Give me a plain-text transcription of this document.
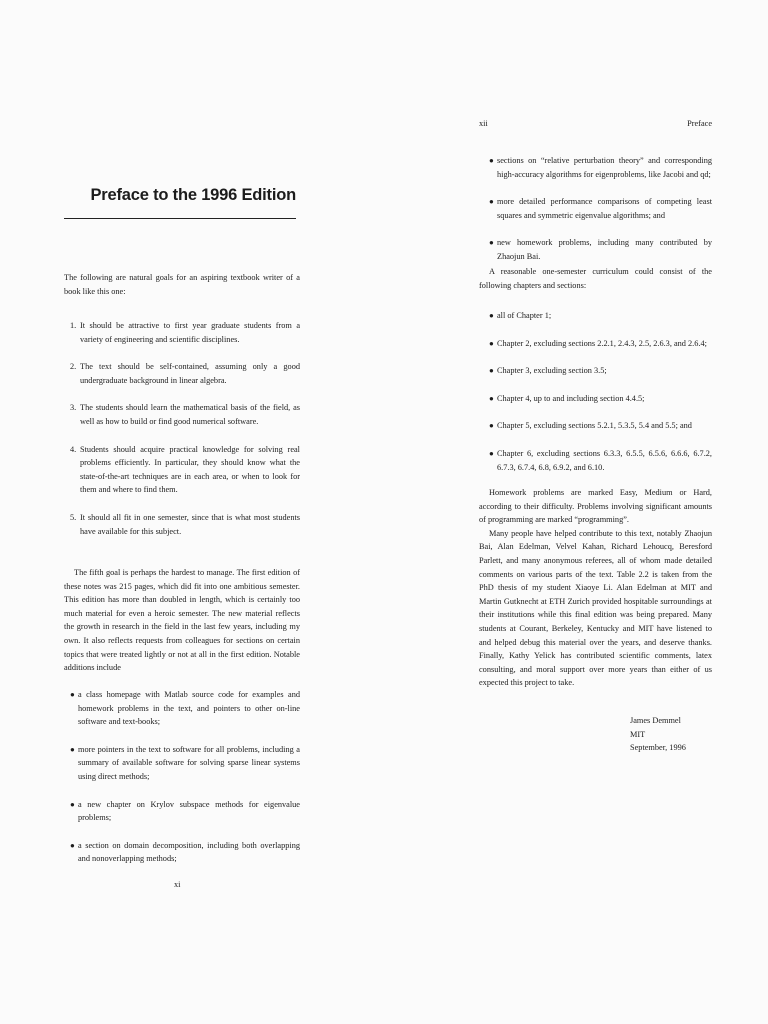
Preface to the 1996 Edition

The following are natural goals for an aspiring textbook writer of a book like this one:

1. It should be attractive to first year graduate students from a variety of engineering and scientific disciplines.
2. The text should be self-contained, assuming only a good undergraduate background in linear algebra.
3. The students should learn the mathematical basis of the field, as well as how to build or find good numerical software.
4. Students should acquire practical knowledge for solving real problems efficiently. In particular, they should know what the state-of-the-art techniques are in each area, or when to look for them and where to find them.
5. It should all fit in one semester, since that is what most students have available for this subject.

The fifth goal is perhaps the hardest to manage. The first edition of these notes was 215 pages, which did fit into one ambitious semester. This edition has more than doubled in length, which is certainly too much material for even a heroic semester. The new material reflects the growth in research in the field in the last few years, including my own. It also reflects requests from colleagues for sections on certain topics that were treated lightly or not at all in the first edition. Notable additions include

● a class homepage with Matlab source code for examples and homework problems in the text, and pointers to other on-line software and text-books;
● more pointers in the text to software for all problems, including a summary of available software for solving sparse linear systems using direct methods;
● a new chapter on Krylov subspace methods for eigenvalue problems;
● a section on domain decomposition, including both overlapping and nonoverlapping methods;
xi
xii	Preface
● sections on “relative perturbation theory” and corresponding high-accuracy algorithms for eigenproblems, like Jacobi and qd;
● more detailed performance comparisons of competing least squares and symmetric eigenvalue algorithms; and
● new homework problems, including many contributed by Zhaojun Bai.

A reasonable one-semester curriculum could consist of the following chapters and sections:

● all of Chapter 1;
● Chapter 2, excluding sections 2.2.1, 2.4.3, 2.5, 2.6.3, and 2.6.4;
● Chapter 3, excluding section 3.5;
● Chapter 4, up to and including section 4.4.5;
● Chapter 5, excluding sections 5.2.1, 5.3.5, 5.4 and 5.5; and
● Chapter 6, excluding sections 6.3.3, 6.5.5, 6.5.6, 6.6.6, 6.7.2, 6.7.3, 6.7.4, 6.8, 6.9.2, and 6.10.

Homework problems are marked Easy, Medium or Hard, according to their difficulty. Problems involving significant amounts of programming are marked “programming”.

Many people have helped contribute to this text, notably Zhaojun Bai, Alan Edelman, Velvel Kahan, Richard Lehoucq, Beresford Parlett, and many anonymous referees, all of whom made detailed comments on various parts of the text. Table 2.2 is taken from the PhD thesis of my student Xiaoye Li. Alan Edelman at MIT and Martin Gutknecht at ETH Zurich provided hospitable surroundings at their institutions while this final edition was being prepared. Many students at Courant, Berkeley, Kentucky and MIT have listened to and helped debug this material over the years, and deserve thanks. Finally, Kathy Yelick has contributed scientific comments, latex consulting, and moral support over more years than either of us expected this project to take.

James Demmel
MIT
September, 1996
